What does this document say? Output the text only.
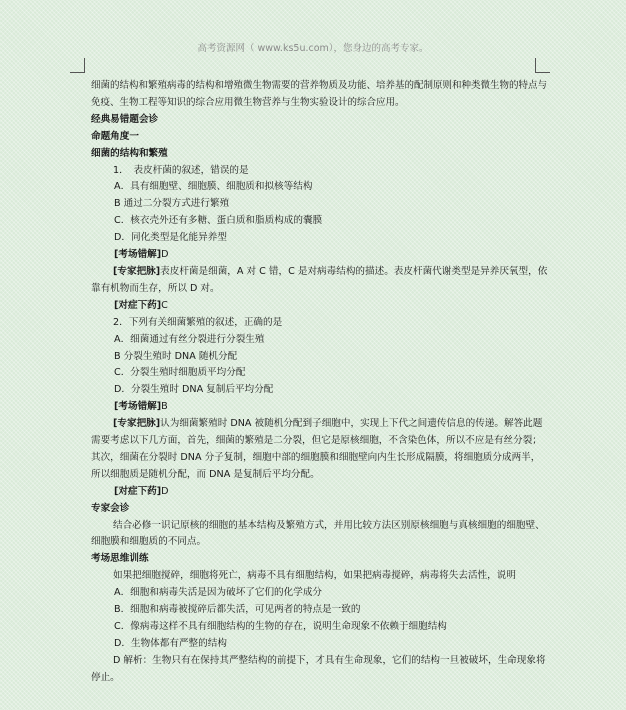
高考资源网（ www.ks5u.com），您身边的高考专家。

细菌的结构和繁殖病毒的结构和增殖微生物需要的营养物质及功能、培养基的配制原则和种类微生物的特点与免疫、生物工程等知识的综合应用微生物营养与生物实验设计的综合应用。

经典易错题会诊

命题角度一

细菌的结构和繁殖

1．　表皮杆菌的叙述，错误的是

A．具有细胞壁、细胞膜、细胞质和拟核等结构

B 通过二分裂方式进行繁殖

C．核衣壳外还有多糖、蛋白质和脂质构成的囊膜

D．同化类型是化能异养型

[考场错解]D

[专家把脉]表皮杆菌是细菌，A 对 C 错，C 是对病毒结构的描述。表皮杆菌代谢类型是异养厌氧型，依靠有机物而生存，所以 D 对。

[对症下药]C

2．下列有关细菌繁殖的叙述，正确的是

A．细菌通过有丝分裂进行分裂生殖

B 分裂生殖时 DNA 随机分配

C．分裂生殖时细胞质平均分配

D．分裂生殖时 DNA 复制后平均分配

[考场错解]B

[专家把脉]认为细菌繁殖时 DNA 被随机分配到子细胞中，实现上下代之间遗传信息的传递。解答此题需要考虑以下几方面，首先，细菌的繁殖是二分裂，但它是原核细胞，不含染色体，所以不应是有丝分裂；其次，细菌在分裂时 DNA 分子复制，细胞中部的细胞膜和细胞壁向内生长形成隔膜，将细胞质分成两半，所以细胞质是随机分配，而 DNA 是复制后平均分配。

[对症下药]D

专家会诊

结合必修一识记原核的细胞的基本结构及繁殖方式，并用比较方法区别原核细胞与真核细胞的细胞壁、细胞膜和细胞质的不同点。

考场思维训练

如果把细胞搅碎，细胞将死亡，病毒不具有细胞结构，如果把病毒搅碎，病毒将失去活性，说明

A．细胞和病毒失活是因为破坏了它们的化学成分

B．细胞和病毒被搅碎后都失活，可见两者的特点是一致的

C．像病毒这样不具有细胞结构的生物的存在，说明生命现象不依赖于细胞结构

D．生物体都有严整的结构

D 解析：生物只有在保持其严整结构的前提下，才具有生命现象，它们的结构一旦被破坏，生命现象将停止。
